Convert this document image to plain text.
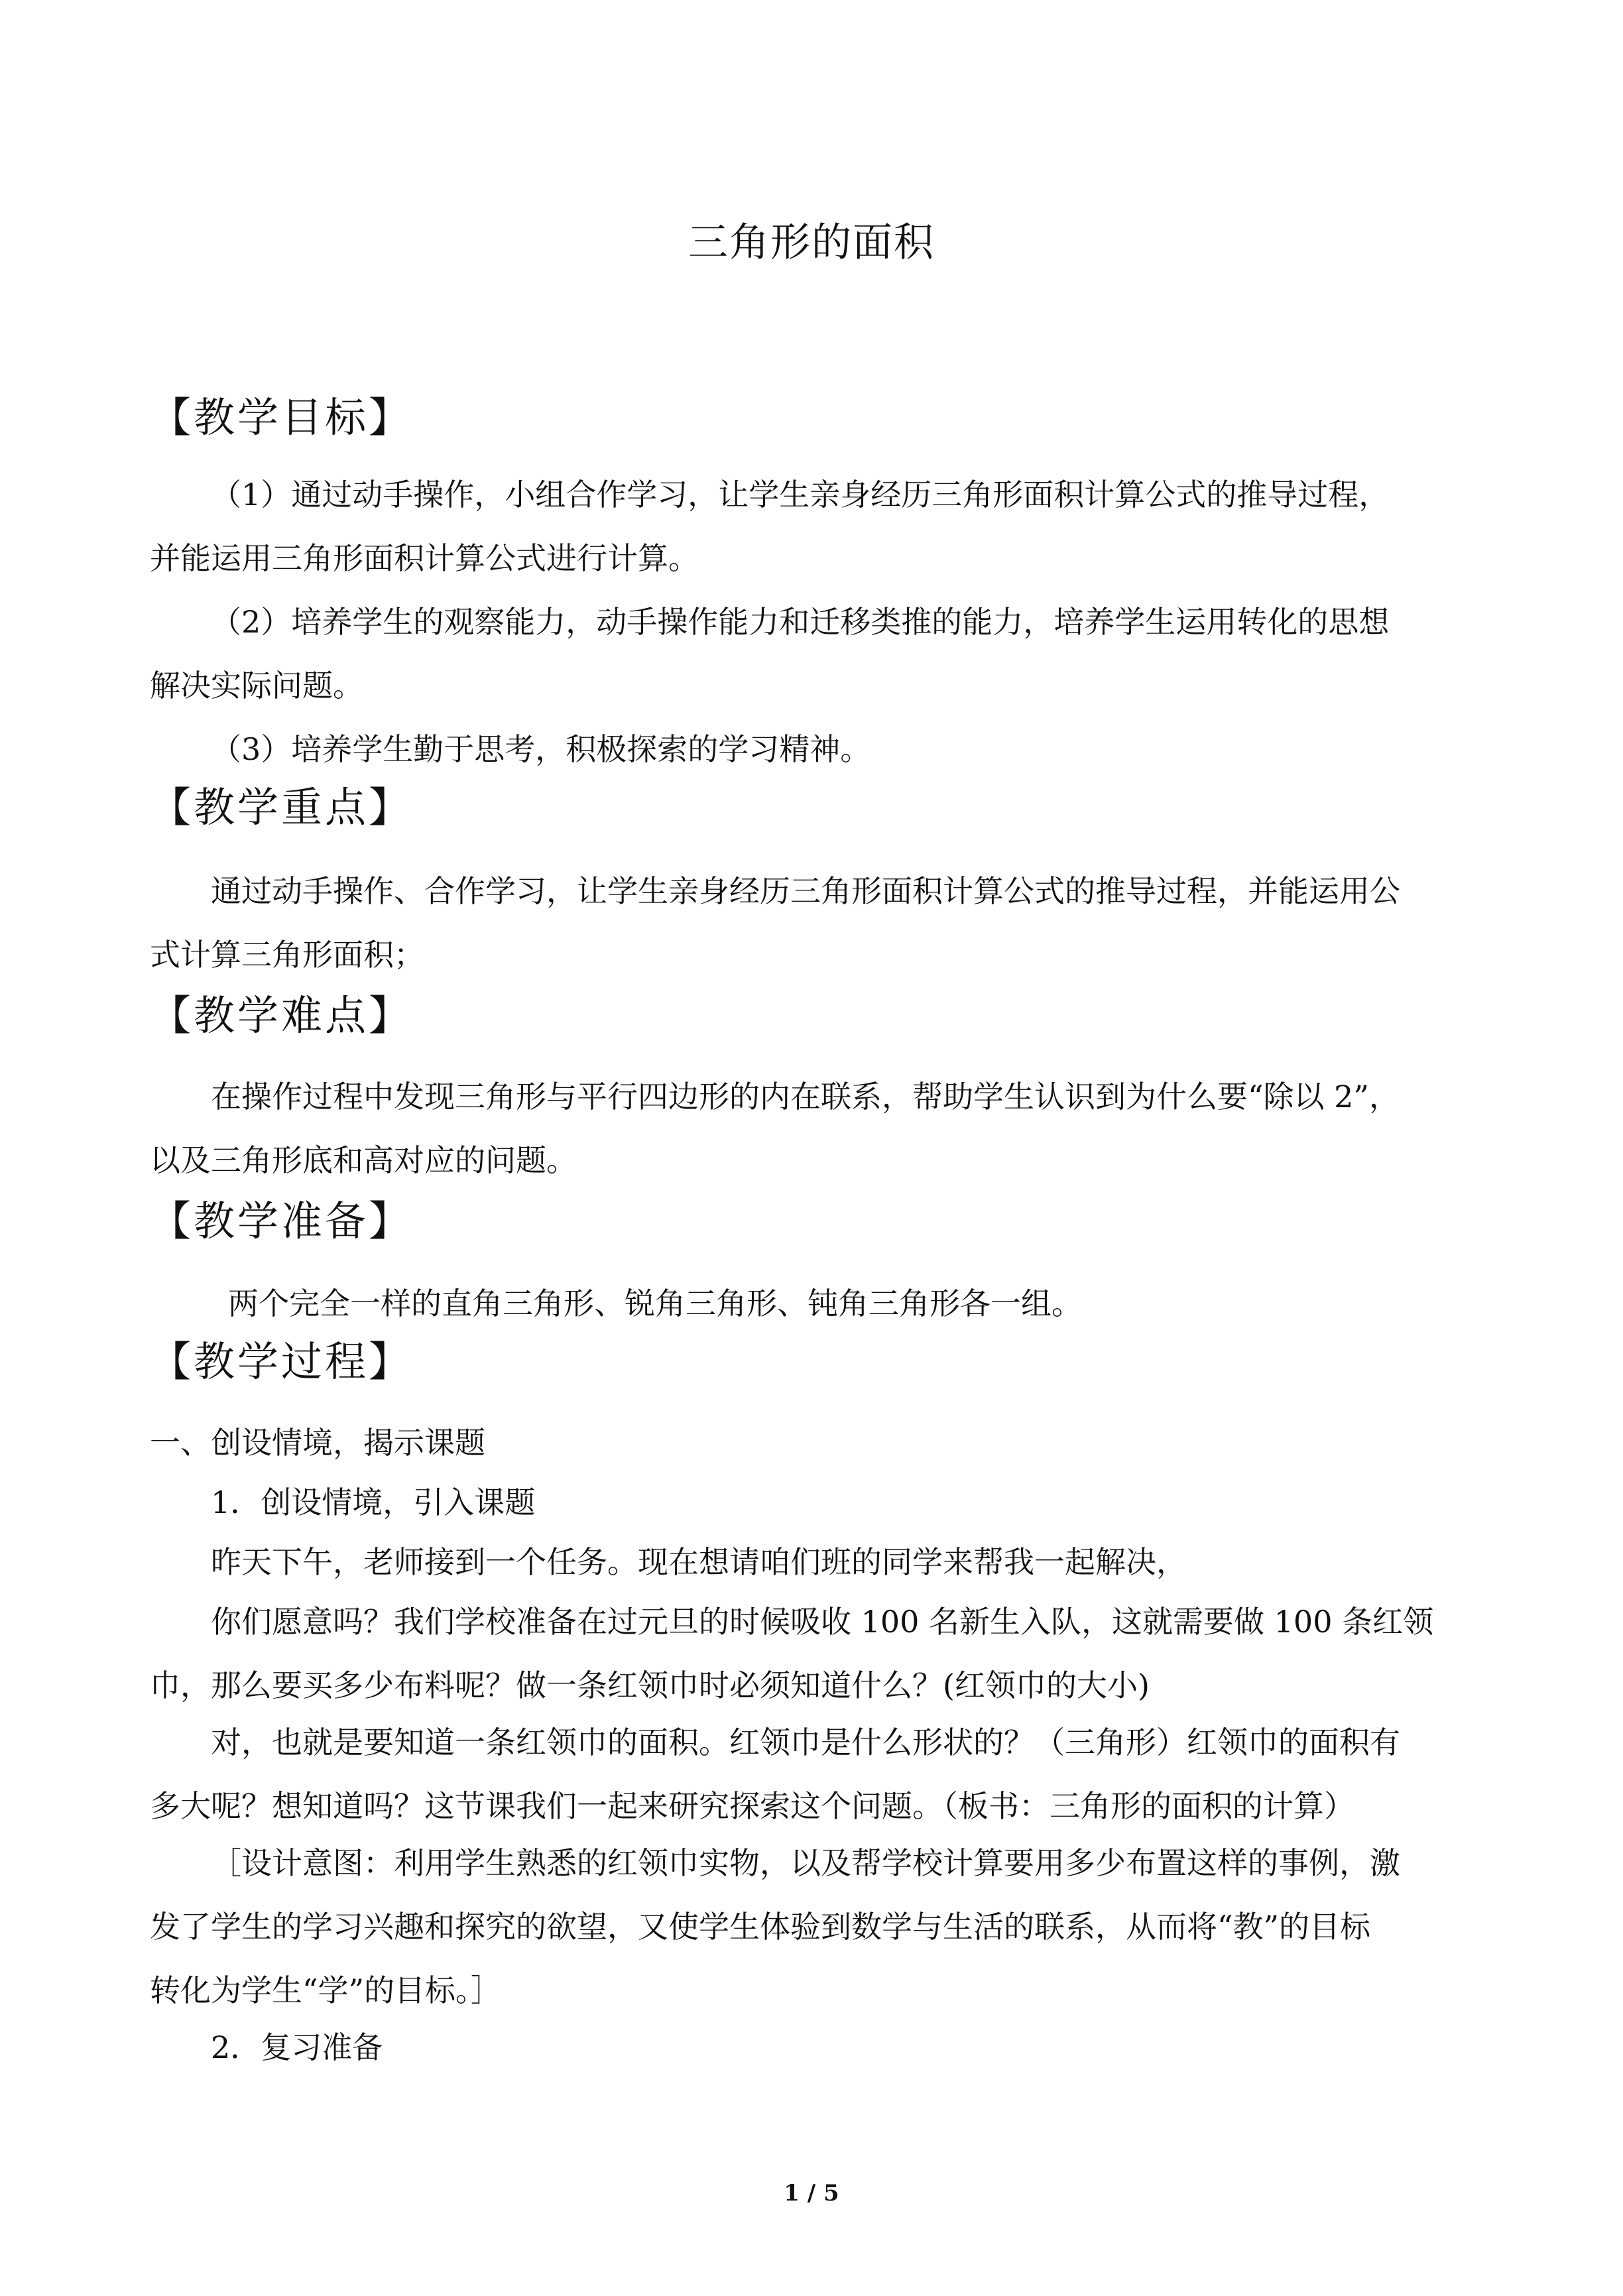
三角形的面积
【教学目标】
（1）通过动手操作，小组合作学习，让学生亲身经历三角形面积计算公式的推导过程，
并能运用三角形面积计算公式进行计算。
（2）培养学生的观察能力，动手操作能力和迁移类推的能力，培养学生运用转化的思想
解决实际问题。
（3）培养学生勤于思考，积极探索的学习精神。
【教学重点】
通过动手操作、合作学习，让学生亲身经历三角形面积计算公式的推导过程，并能运用公
式计算三角形面积；
【教学难点】
在操作过程中发现三角形与平行四边形的内在联系，帮助学生认识到为什么要“除以 2”，
以及三角形底和高对应的问题。
【教学准备】
两个完全一样的直角三角形、锐角三角形、钝角三角形各一组。
【教学过程】
一、创设情境，揭示课题
1．创设情境，引入课题
昨天下午，老师接到一个任务。现在想请咱们班的同学来帮我一起解决，
你们愿意吗？我们学校准备在过元旦的时候吸收 100 名新生入队，这就需要做 100 条红领
巾，那么要买多少布料呢？做一条红领巾时必须知道什么？(红领巾的大小)
对，也就是要知道一条红领巾的面积。红领巾是什么形状的？（三角形）红领巾的面积有
多大呢？想知道吗？这节课我们一起来研究探索这个问题。（板书：三角形的面积的计算）
［设计意图：利用学生熟悉的红领巾实物，以及帮学校计算要用多少布置这样的事例，激
发了学生的学习兴趣和探究的欲望，又使学生体验到数学与生活的联系，从而将“教”的目标
转化为学生“学”的目标。］
2．复习准备
1 / 5
